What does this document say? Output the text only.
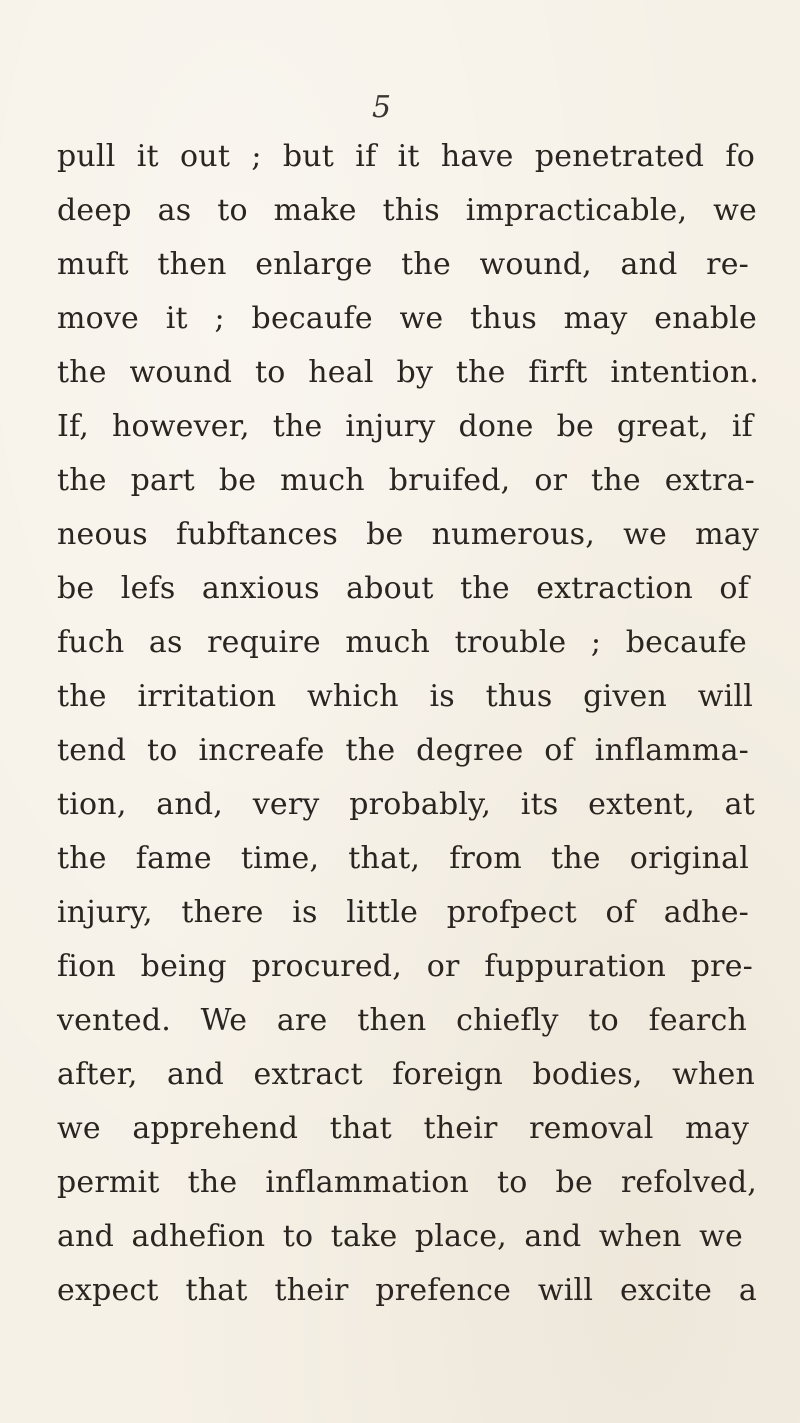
5
pull it out ; but if it have penetrated fo
deep as to make this impracticable, we
muft then enlarge the wound, and re-
move it ; becaufe we thus may enable
the wound to heal by the firft intention.
If, however, the injury done be great, if
the part be much bruifed, or the extra-
neous fubftances be numerous, we may
be lefs anxious about the extraction of
fuch as require much trouble ; becaufe
the irritation which is thus given will
tend to increafe the degree of inflamma-
tion, and, very probably, its extent, at
the fame time, that, from the original
injury, there is little profpect of adhe-
fion being procured, or fuppuration pre-
vented. We are then chiefly to fearch
after, and extract foreign bodies, when
we apprehend that their removal may
permit the inflammation to be refolved,
and adhefion to take place, and when we
expect that their prefence will excite a
